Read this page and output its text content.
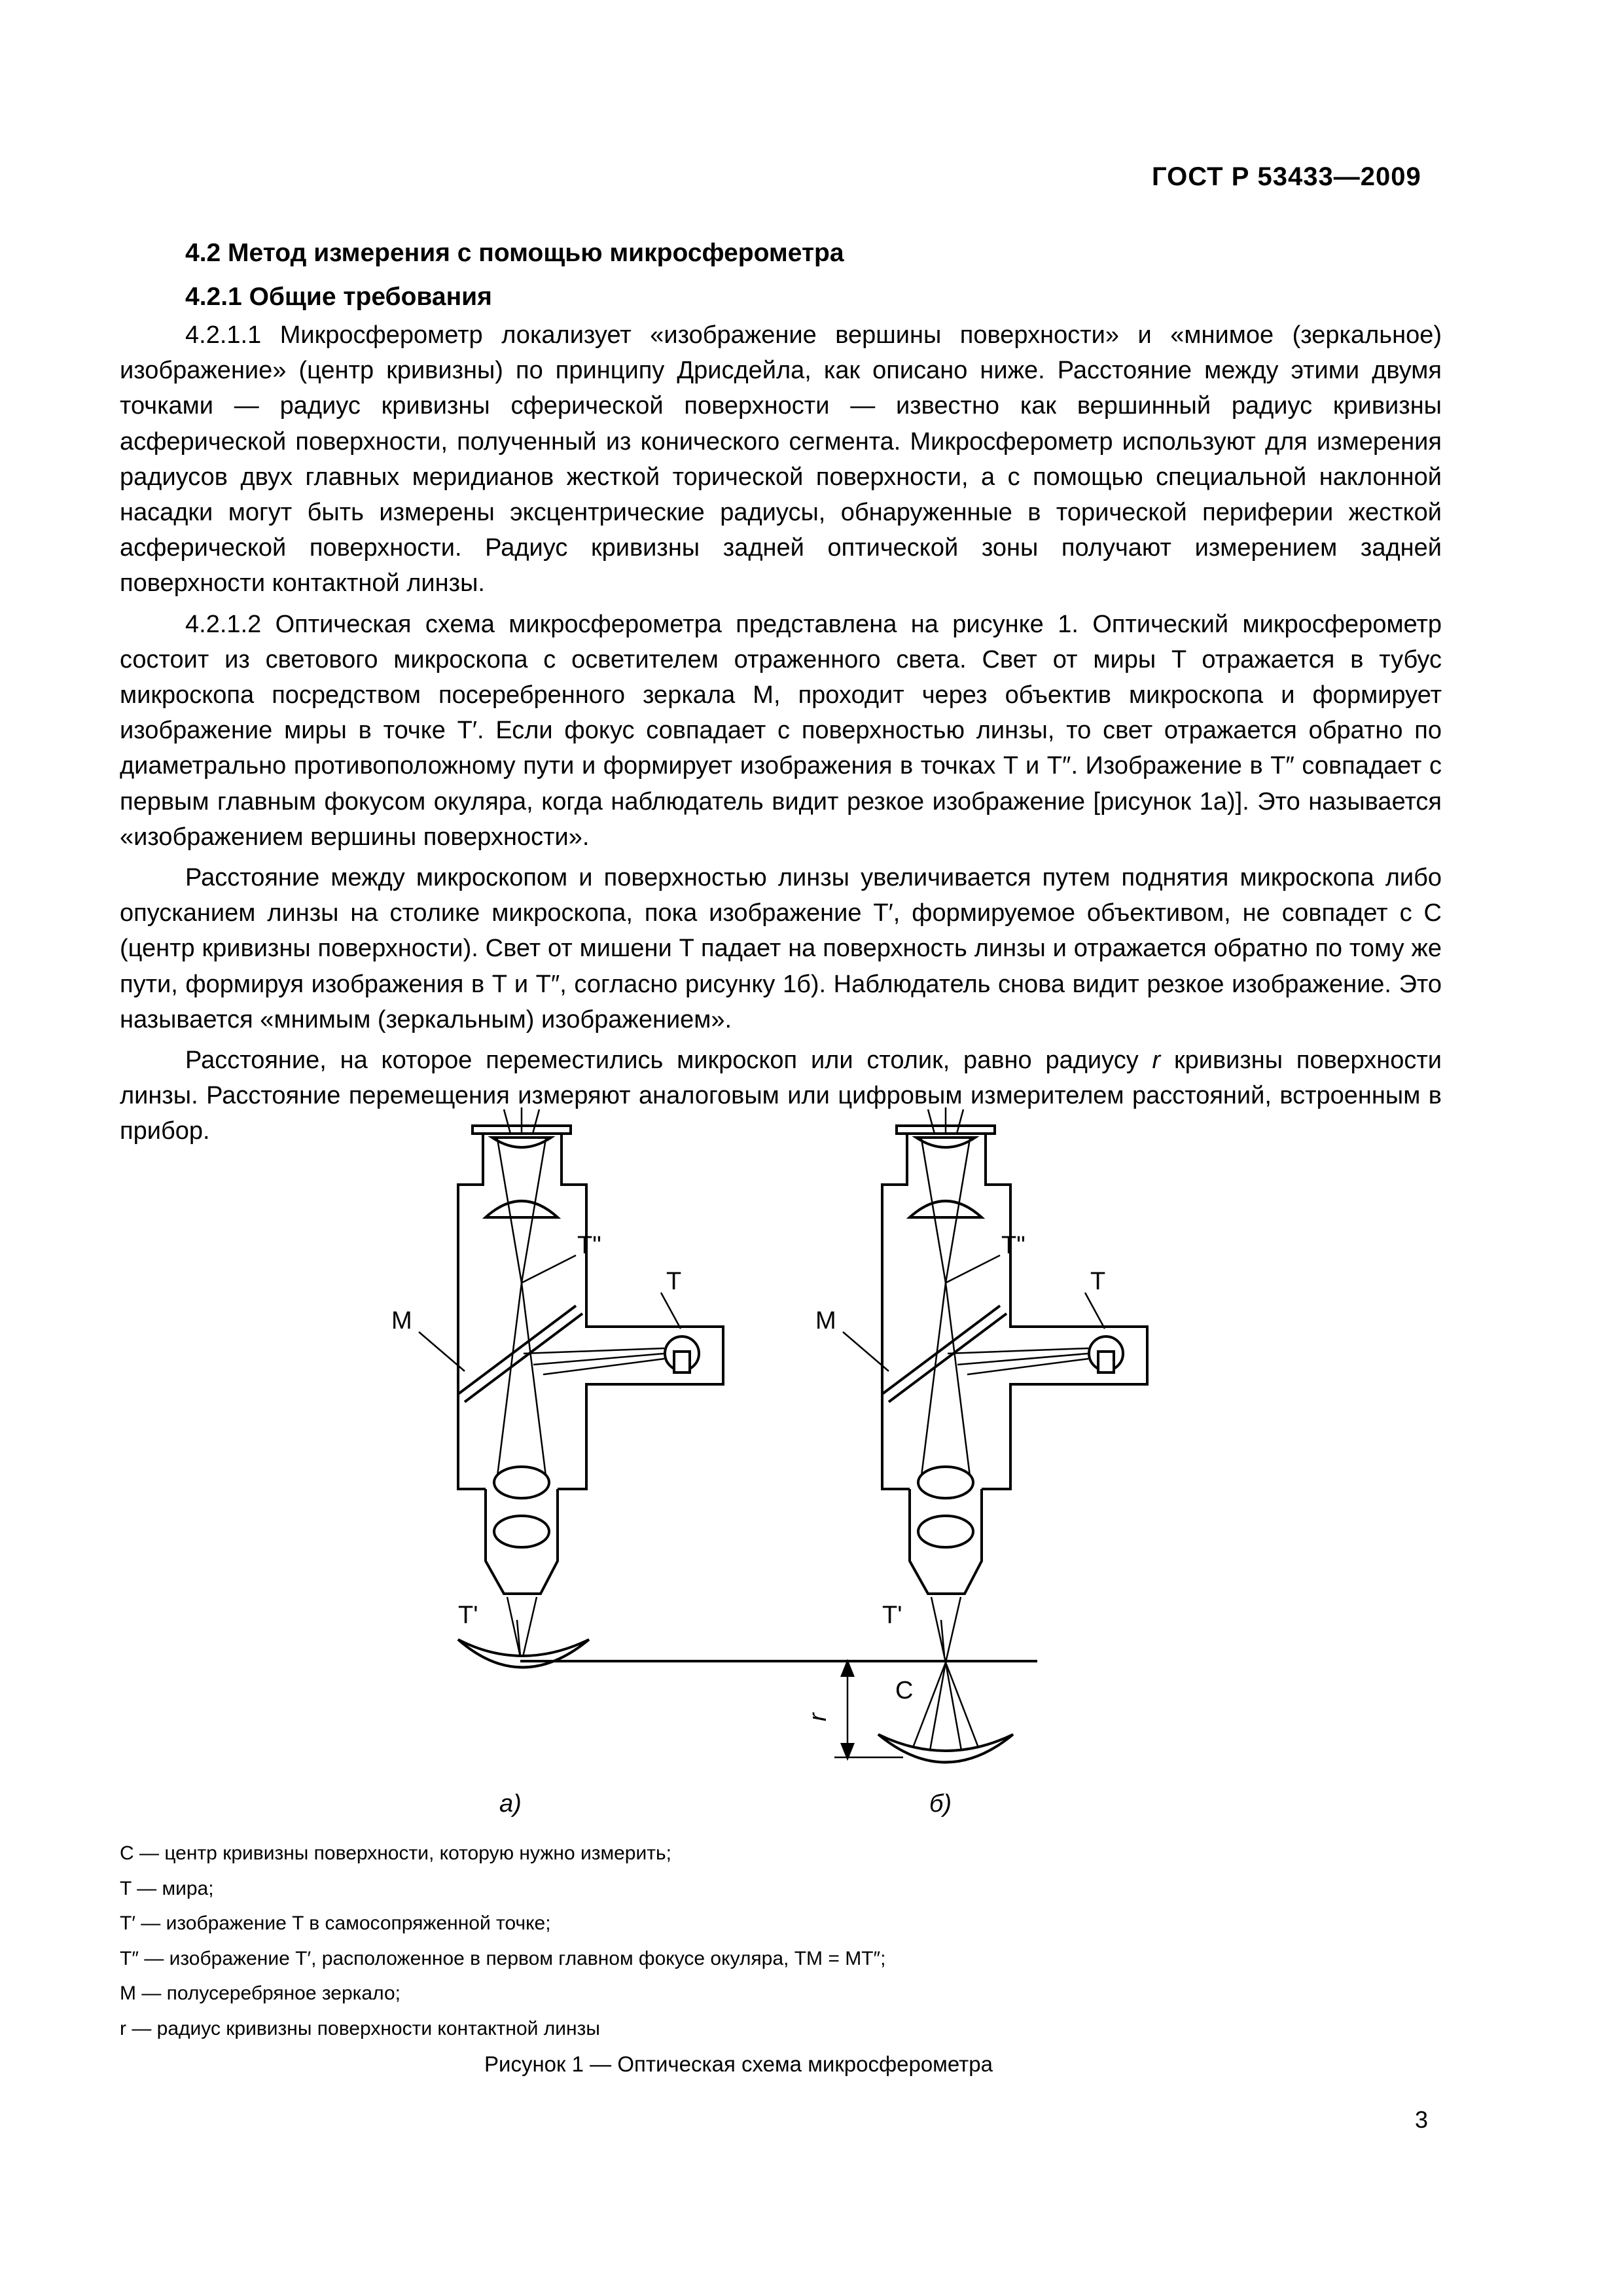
ГОСТ Р 53433—2009
4.2 Метод измерения с помощью микросферометра
4.2.1 Общие требования

4.2.1.1 Микросферометр локализует «изображение вершины поверхности» и «мнимое (зеркальное) изображение» (центр кривизны) по принципу Дрисдейла, как описано ниже. Расстояние между этими двумя точками — радиус кривизны сферической поверхности — известно как вершинный радиус кривизны асферической поверхности, полученный из конического сегмента. Микросферометр используют для измерения радиусов двух главных меридианов жесткой торической поверхности, а с помощью специальной наклонной насадки могут быть измерены эксцентрические радиусы, обнаруженные в торической периферии жесткой асферической поверхности. Радиус кривизны задней оптической зоны получают измерением задней поверхности контактной линзы.

4.2.1.2 Оптическая схема микросферометра представлена на рисунке 1. Оптический микросферометр состоит из светового микроскопа с осветителем отраженного света. Свет от миры T отражается в тубус микроскопа посредством посеребренного зеркала M, проходит через объектив микроскопа и формирует изображение миры в точке T′. Если фокус совпадает с поверхностью линзы, то свет отражается обратно по диаметрально противоположному пути и формирует изображения в точках T и T″. Изображение в T″ совпадает с первым главным фокусом окуляра, когда наблюдатель видит резкое изображение [рисунок 1а)]. Это называется «изображением вершины поверхности».

Расстояние между микроскопом и поверхностью линзы увеличивается путем поднятия микроскопа либо опусканием линзы на столике микроскопа, пока изображение T′, формируемое объективом, не совпадет с C (центр кривизны поверхности). Свет от мишени T падает на поверхность линзы и отражается обратно по тому же пути, формируя изображения в T и T″, согласно рисунку 1б). Наблюдатель снова видит резкое изображение. Это называется «мнимым (зеркальным) изображением».

Расстояние, на которое переместились микроскоп или столик, равно радиусу r кривизны поверхности линзы. Расстояние перемещения измеряют аналоговым или цифровым измерителем расстояний, встроенным в прибор.

M
T"
T
T'
M
T"
T
T'
C
r
а)	б)
C — центр кривизны поверхности, которую нужно измерить;
T — мира;
T′ — изображение T в самосопряженной точке;
T″ — изображение T′, расположенное в первом главном фокусе окуляра, TM = MT″;
M — полусеребряное зеркало;
r — радиус кривизны поверхности контактной линзы
Рисунок 1 — Оптическая схема микросферометра
3
